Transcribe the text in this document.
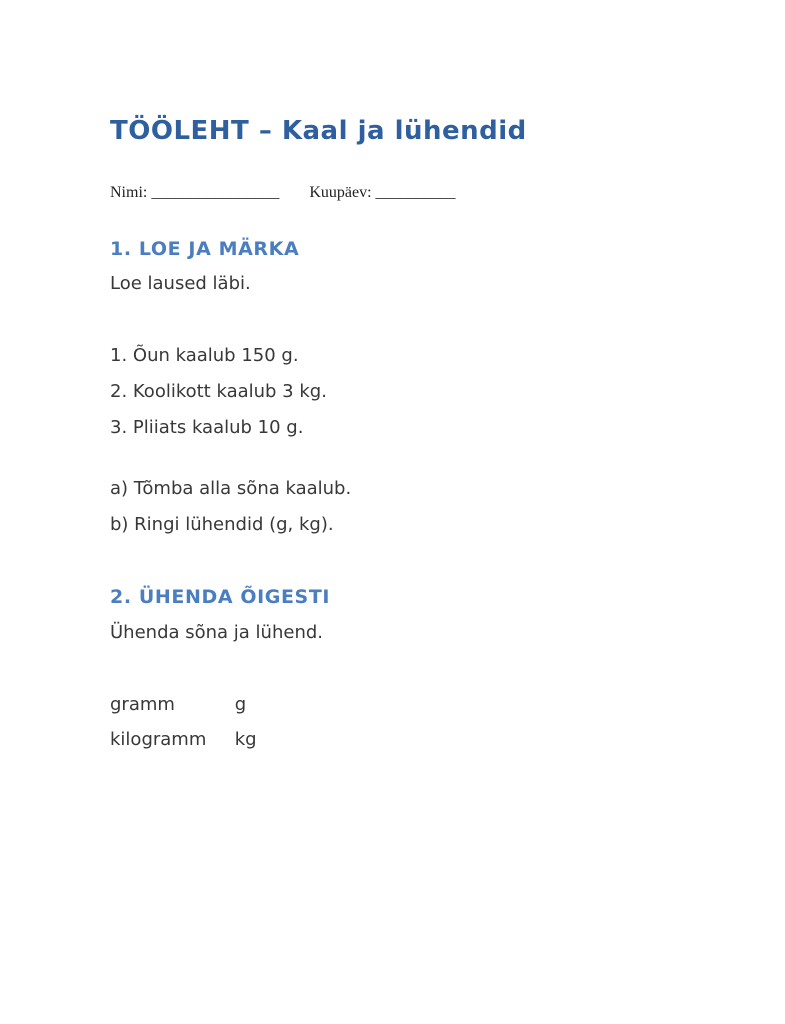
TÖÖLEHT – Kaal ja lühendid
Nimi: ________________ Kuupäev: __________
1. LOE JA MÄRKA
Loe laused läbi.
1. Õun kaalub 150 g.
2. Koolikott kaalub 3 kg.
3. Pliiats kaalub 10 g.
a) Tõmba alla sõna kaalub.
b) Ringi lühendid (g, kg).
2. ÜHENDA ÕIGESTI
Ühenda sõna ja lühend.
gramm	g
kilogramm kg
